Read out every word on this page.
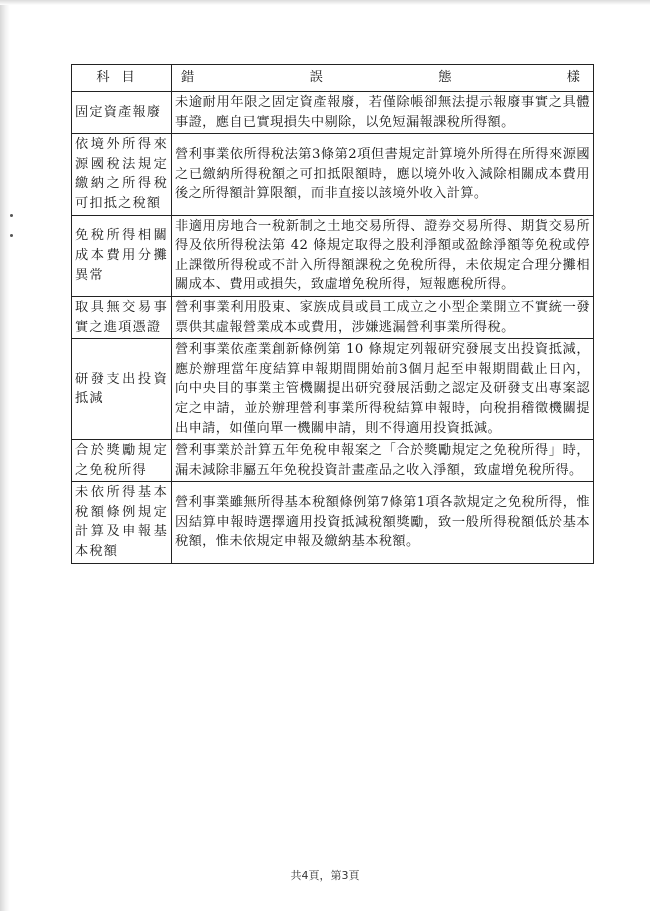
科目	錯 誤 態 樣

固定資產報廢	未逾耐用年限之固定資產報廢，若僅除帳卻無法提示報廢事實之具體事證，應自已實現損失中剔除，以免短漏報課稅所得額。
依境外所得來源國稅法規定繳納之所得稅可扣抵之稅額	營利事業依所得稅法第3條第2項但書規定計算境外所得在所得來源國之已繳納所得稅額之可扣抵限額時，應以境外收入減除相關成本費用後之所得額計算限額，而非直接以該境外收入計算。
免稅所得相關成本費用分攤異常	非適用房地合一稅新制之土地交易所得、證券交易所得、期貨交易所得及依所得稅法第 42 條規定取得之股利淨額或盈餘淨額等免稅或停止課徵所得稅或不計入所得額課稅之免稅所得，未依規定合理分攤相關成本、費用或損失，致虛增免稅所得，短報應稅所得。
取具無交易事實之進項憑證	營利事業利用股東、家族成員或員工成立之小型企業開立不實統一發票供其虛報營業成本或費用，涉嫌逃漏營利事業所得稅。
研發支出投資抵減	營利事業依產業創新條例第 10 條規定列報研究發展支出投資抵減，應於辦理當年度結算申報期間開始前3個月起至申報期間截止日內，向中央目的事業主管機關提出研究發展活動之認定及研發支出專案認定之申請，並於辦理營利事業所得稅結算申報時，向稅捐稽徵機關提出申請，如僅向單一機關申請，則不得適用投資抵減。
合於獎勵規定之免稅所得	營利事業於計算五年免稅申報案之「合於獎勵規定之免稅所得」時，漏未減除非屬五年免稅投資計畫產品之收入淨額，致虛增免稅所得。
未依所得基本稅額條例規定計算及申報基本稅額	營利事業雖無所得基本稅額條例第7條第1項各款規定之免稅所得，惟因結算申報時選擇適用投資抵減稅額獎勵，致一般所得稅額低於基本稅額，惟未依規定申報及繳納基本稅額。
共4頁，第3頁
